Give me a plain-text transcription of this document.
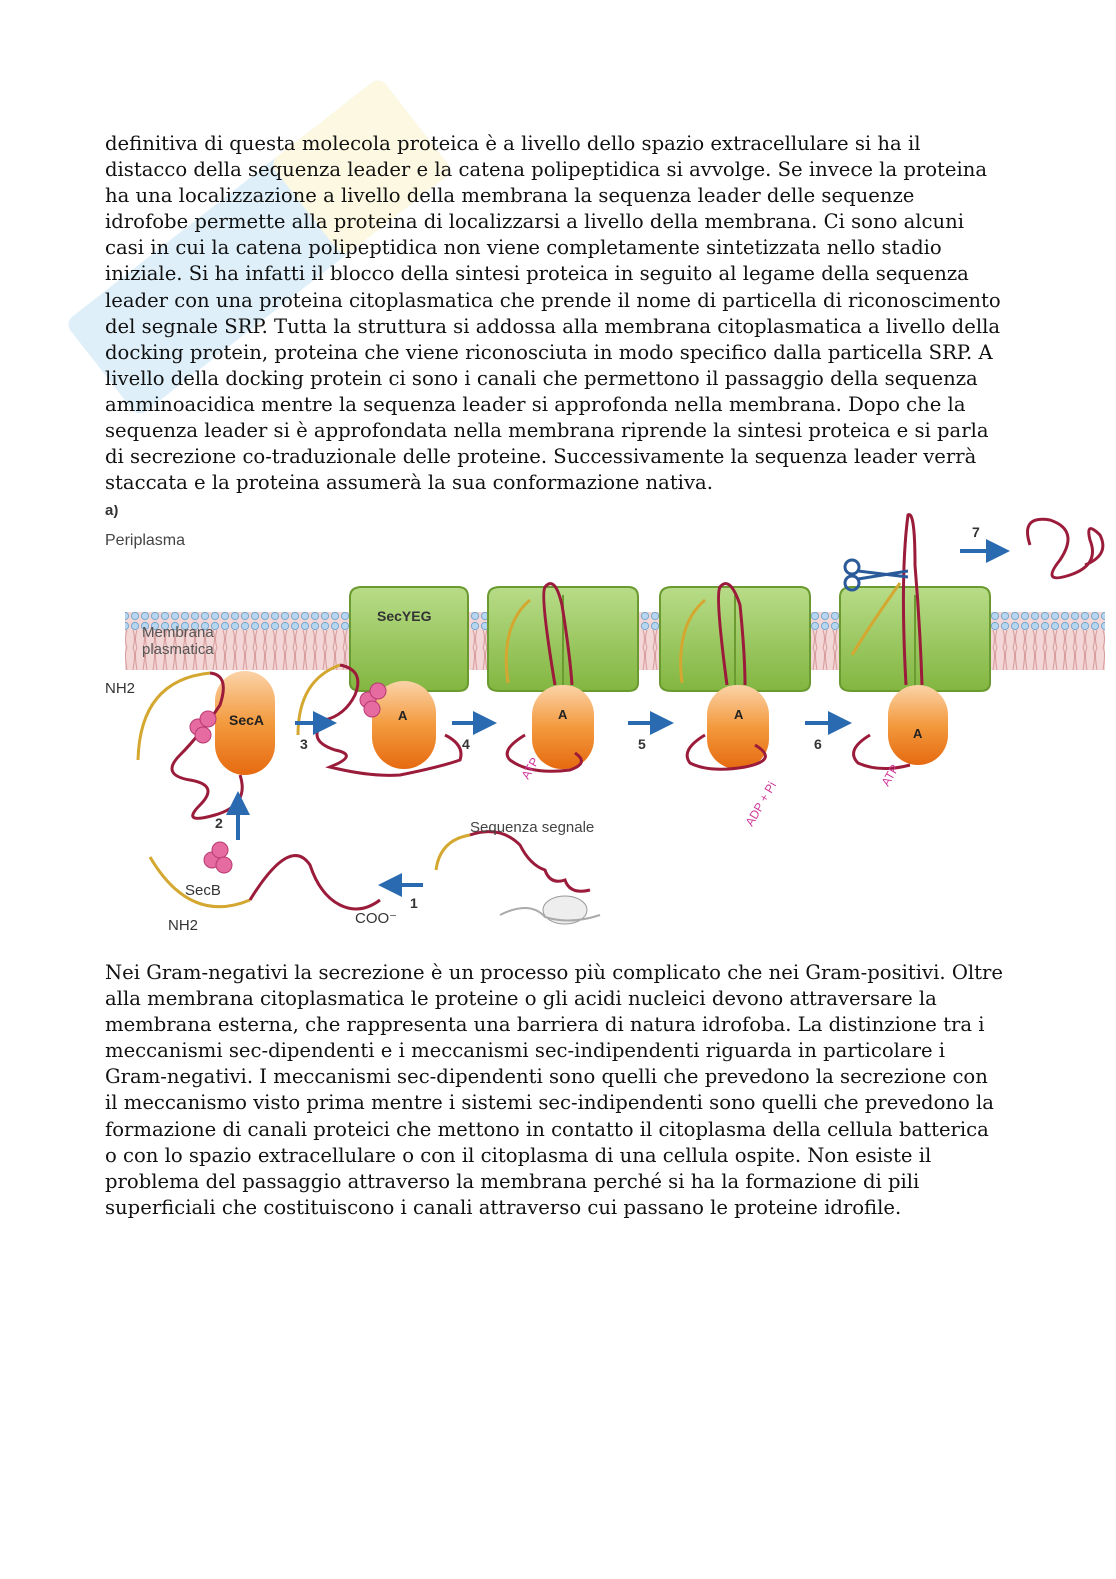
definitiva di questa molecola proteica è a livello dello spazio extracellulare si ha il
distacco della sequenza leader e la catena polipeptidica si avvolge. Se invece la proteina
ha una localizzazione a livello della membrana la sequenza leader delle sequenze
idrofobe permette alla proteina di localizzarsi a livello della membrana. Ci sono alcuni
casi in cui la catena polipeptidica non viene completamente sintetizzata nello stadio
iniziale. Si ha infatti il blocco della sintesi proteica in seguito al legame della sequenza
leader con una proteina citoplasmatica che prende il nome di particella di riconoscimento
del segnale SRP. Tutta la struttura si addossa alla membrana citoplasmatica a livello della
docking protein, proteina che viene riconosciuta in modo specifico dalla particella SRP. A
livello della docking protein ci sono i canali che permettono il passaggio della sequenza
amminoacidica mentre la sequenza leader si approfonda nella membrana. Dopo che la
sequenza leader si è approfondata nella membrana riprende la sintesi proteica e si parla
di secrezione co-traduzionale delle proteine. Successivamente la sequenza leader verrà
staccata e la proteina assumerà la sua conformazione nativa.

a)
Periplasma
Membrana
plasmatica
SecYEG
SecA	A	A	A
A
SecB
NH2
NH2	COO⁻
Sequenza segnale
ATP
ADP + Pi
ATP
1
2
3	4	5	6
7

Nei Gram-negativi la secrezione è un processo più complicato che nei Gram-positivi. Oltre
alla membrana citoplasmatica le proteine o gli acidi nucleici devono attraversare la
membrana esterna, che rappresenta una barriera di natura idrofoba. La distinzione tra i
meccanismi sec-dipendenti e i meccanismi sec-indipendenti riguarda in particolare i
Gram-negativi. I meccanismi sec-dipendenti sono quelli che prevedono la secrezione con
il meccanismo visto prima mentre i sistemi sec-indipendenti sono quelli che prevedono la
formazione di canali proteici che mettono in contatto il citoplasma della cellula batterica
o con lo spazio extracellulare o con il citoplasma di una cellula ospite. Non esiste il
problema del passaggio attraverso la membrana perché si ha la formazione di pili
superficiali che costituiscono i canali attraverso cui passano le proteine idrofile.
